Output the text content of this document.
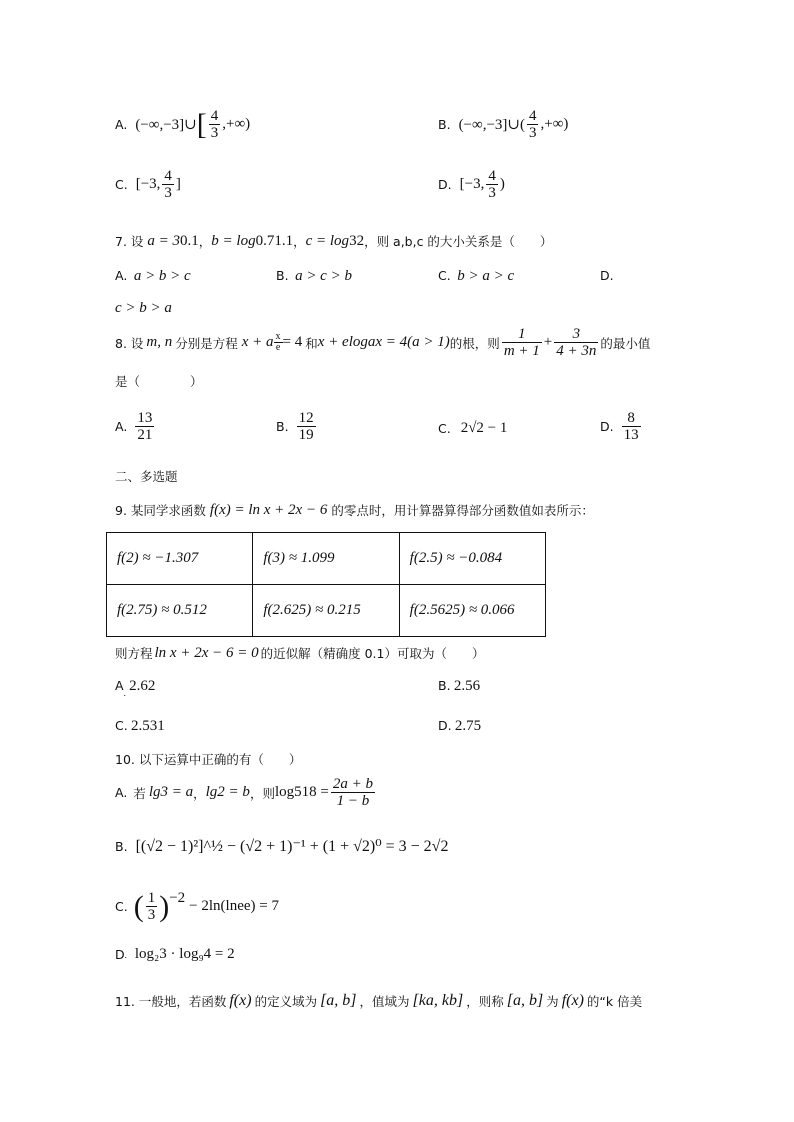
A. (−∞,−3]∪ [ $\frac{4}{3}$ ,+∞)	B. (−∞,−3]∪( $\frac{4}{3}$ ,+∞)
C. [−3, $\frac{4}{3}$ ]	D. [−3, $\frac{4}{3}$ )
7. 设 a = 3 0.1 ， b = log 0.7 1.1 ， c = log 3 2 ，则 a,b,c 的大小关系是（　　）
A. a > b > c	B. a > c > b	C. b > a > c	D.
c > b > a
8. 设 m, n 分别是方程 x + a $\frac{x}{e} = 4$ 和 x + elog a x = 4(a > 1) 的根，则 $\frac{1}{m + 1} + \frac{3}{4 + 3n}$ 的最小值
是（　　　　）
A. $\frac{13}{21}$	B. $\frac{12}{19}$	C. 2√2 − 1	D. $\frac{8}{13}$
二、多选题
9. 某同学求函数 f(x) = ln x + 2x − 6 的零点时，用计算器算得部分函数值如表所示：
f(2) ≈ −1.307	f(3) ≈ 1.099	f(2.5) ≈ −0.084
f(2.75) ≈ 0.512	f(2.625) ≈ 0.215	f(2.5625) ≈ 0.066
则方程 ln x + 2x − 6 = 0 的近似解（精确度 0.1）可取为（　　）
$A_.$ 2.62	B. 2.56
C. 2.531	D. 2.75
10. 以下运算中正确的有（　　）
A. 若 lg3 = a ， lg2 = b ，则 log 5 $18 = \frac{2a + b}{1 - b}$
B. [(√2 − 1)²]^½ − (√2 + 1)⁻¹ + (1 + √2)⁰ = 3 − 2√2
C. ( $\frac{1}{3}$ ) −2 − 2ln(lne e ) = 7
D . log₂3 · log₉4 = 2
11. 一般地，若函数 f(x) 的定义域为 [a, b] ，值域为 [ka, kb] ，则称 [a, b] 为 f(x) 的“k 倍美
